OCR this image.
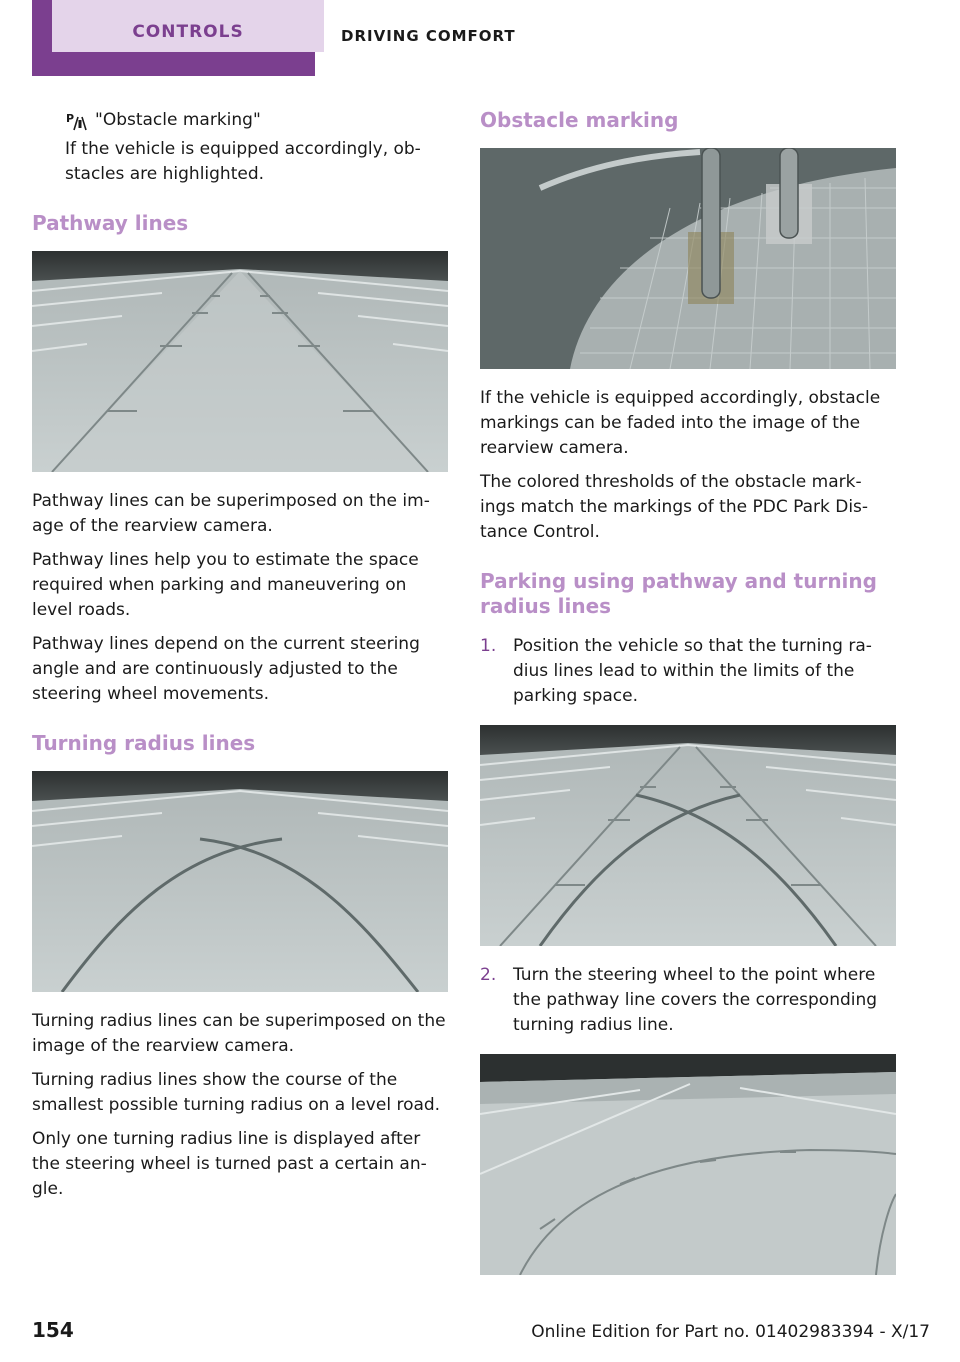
CONTROLS	DRIVING COMFORT
P "Obstacle marking"

If the vehicle is equipped accordingly, ob‐ stacles are highlighted.

Pathway lines

Pathway lines can be superimposed on the im‐ age of the rearview camera.

Pathway lines help you to estimate the space required when parking and maneuvering on level roads.

Pathway lines depend on the current steering angle and are continuously adjusted to the steering wheel movements.

Turning radius lines

Turning radius lines can be superimposed on the image of the rearview camera.

Turning radius lines show the course of the smallest possible turning radius on a level road.

Only one turning radius line is displayed after the steering wheel is turned past a certain an‐ gle.

Obstacle marking

If the vehicle is equipped accordingly, obstacle markings can be faded into the image of the rearview camera.

The colored thresholds of the obstacle mark‐ ings match the markings of the PDC Park Dis‐ tance Control.

Parking using pathway and turning radius lines
1. Position the vehicle so that the turning ra‐ dius lines lead to within the limits of the parking space.
2. Turn the steering wheel to the point where the pathway line covers the corresponding turning radius line.
154	Online Edition for Part no. 01402983394 - X/17
